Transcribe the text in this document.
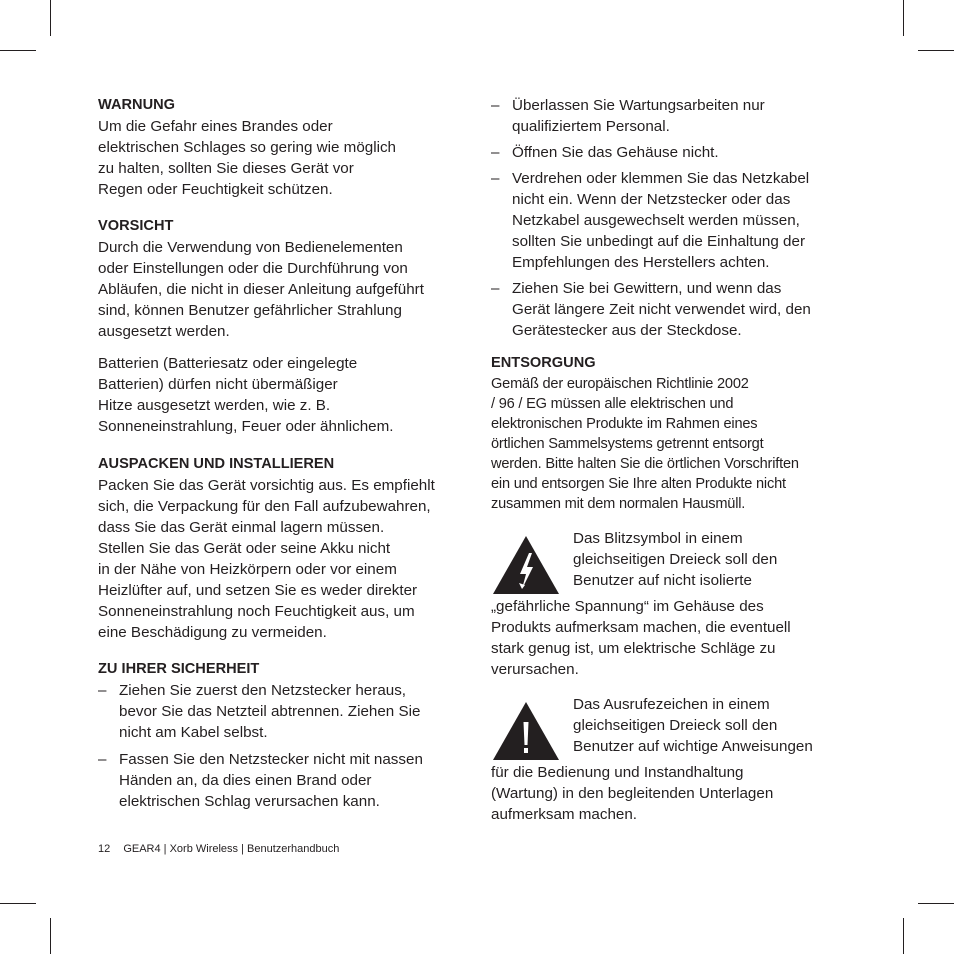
WARNUNG
Um die Gefahr eines Brandes oder
elektrischen Schlages so gering wie möglich
zu halten, sollten Sie dieses Gerät vor
Regen oder Feuchtigkeit schützen.
VORSICHT
Durch die Verwendung von Bedienelementen
oder Einstellungen oder die Durchführung von
Abläufen, die nicht in dieser Anleitung aufgeführt
sind, können Benutzer gefährlicher Strahlung
ausgesetzt werden.
Batterien (Batteriesatz oder eingelegte
Batterien) dürfen nicht übermäßiger
Hitze ausgesetzt werden, wie z. B.
Sonneneinstrahlung, Feuer oder ähnlichem.
AUSPACKEN UND INSTALLIEREN
Packen Sie das Gerät vorsichtig aus. Es empfiehlt
sich, die Verpackung für den Fall aufzubewahren,
dass Sie das Gerät einmal lagern müssen.
Stellen Sie das Gerät oder seine Akku nicht
in der Nähe von Heizkörpern oder vor einem
Heizlüfter auf, und setzen Sie es weder direkter
Sonneneinstrahlung noch Feuchtigkeit aus, um
eine Beschädigung zu vermeiden.
ZU IHRER SICHERHEIT
– Ziehen Sie zuerst den Netzstecker heraus,
bevor Sie das Netzteil abtrennen. Ziehen Sie
nicht am Kabel selbst.
– Fassen Sie den Netzstecker nicht mit nassen
Händen an, da dies einen Brand oder
elektrischen Schlag verursachen kann.
– Überlassen Sie Wartungsarbeiten nur
qualifiziertem Personal.
– Öffnen Sie das Gehäuse nicht.
– Verdrehen oder klemmen Sie das Netzkabel
nicht ein. Wenn der Netzstecker oder das
Netzkabel ausgewechselt werden müssen,
sollten Sie unbedingt auf die Einhaltung der
Empfehlungen des Herstellers achten.
– Ziehen Sie bei Gewittern, und wenn das
Gerät längere Zeit nicht verwendet wird, den
Gerätestecker aus der Steckdose.
ENTSORGUNG
Gemäß der europäischen Richtlinie 2002
/ 96 / EG müssen alle elektrischen und
elektronischen Produkte im Rahmen eines
örtlichen Sammelsystems getrennt entsorgt
werden. Bitte halten Sie die örtlichen Vorschriften
ein und entsorgen Sie Ihre alten Produkte nicht
zusammen mit dem normalen Hausmüll.
Das Blitzsymbol in einem
gleichseitigen Dreieck soll den
Benutzer auf nicht isolierte
„gefährliche Spannung“ im Gehäuse des
Produkts aufmerksam machen, die eventuell
stark genug ist, um elektrische Schläge zu
verursachen.
Das Ausrufezeichen in einem
gleichseitigen Dreieck soll den
Benutzer auf wichtige Anweisungen
für die Bedienung und Instandhaltung
(Wartung) in den begleitenden Unterlagen
aufmerksam machen.
12 GEAR4 | Xorb Wireless | Benutzerhandbuch
